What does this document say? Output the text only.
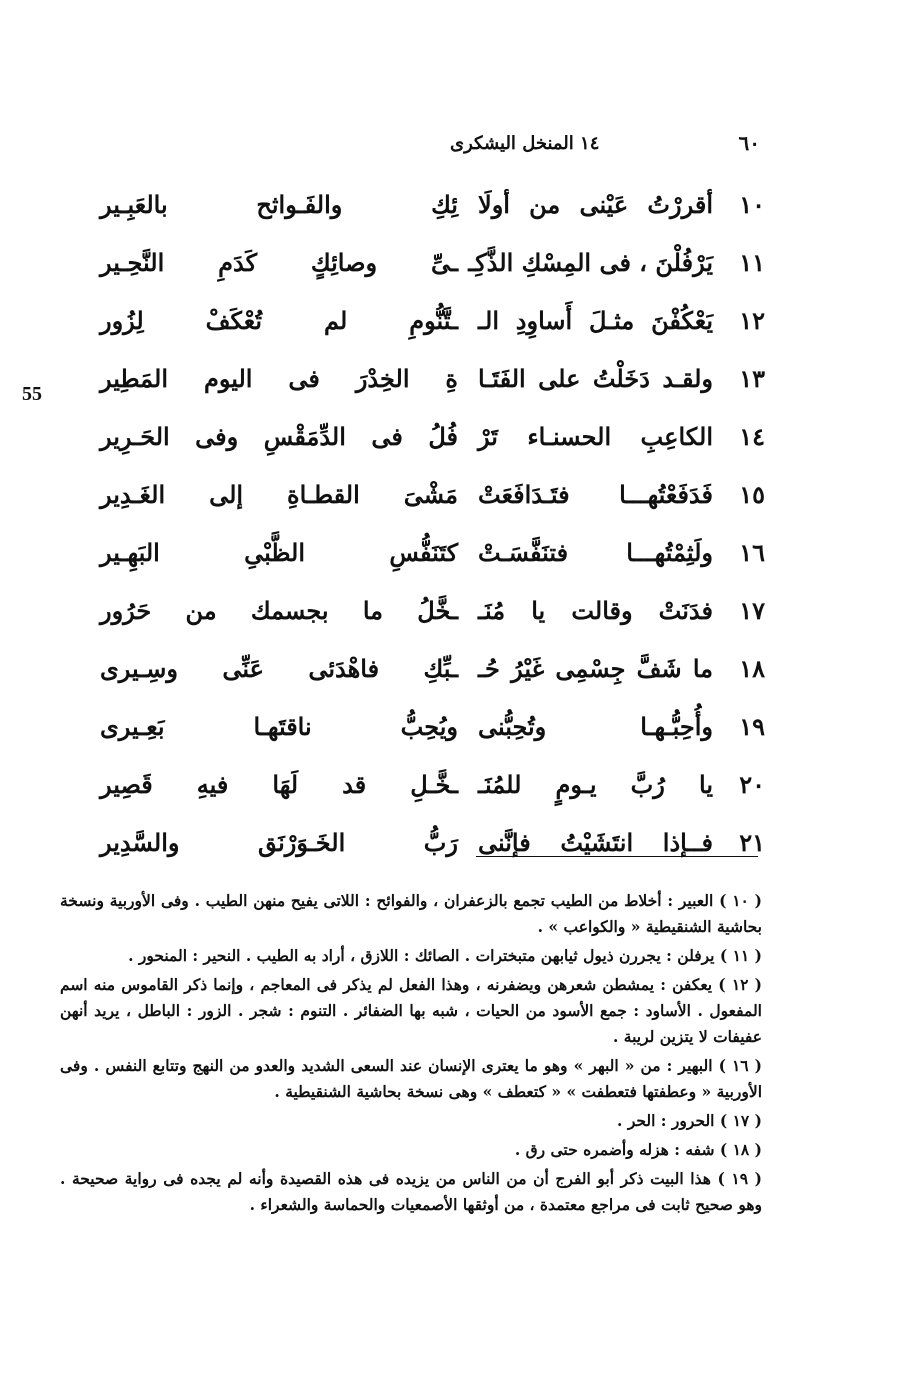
٦٠
١٤ المنخل اليشكرى
55
١٠
أقررْتُ عَيْنى من أولَا
ئِكِ والفَـواثح بالعَبِـير
١١
يَرْفُلْنَ ، فى المِسْكِ الذَّكِـ
ـىِّ وصائِكٍ كَدَمِ النَّحِـير
١٢
يَعْكُفْنَ مثـلَ أَساوِدِ الـ
ـتَّنُّومِ لم تُعْكَفْ لِزُور
١٣
ولقـد دَخَلْتُ على الفَتَـا
ةِ الخِدْرَ فى اليوم المَطِير
١٤
الكاعِبِ الحسنـاء تَرْ
فُلُ فى الدِّمَقْسِ وفى الحَـرِير
١٥
فَدَفَعْتُهـــا فتَـدَافَعَتْ
مَشْىَ القطـاةِ إلى الغَـدِير
١٦
ولَثِمْتُهـــا فتنَفَّسَـتْ
كتَنَفُّسِ الظَّبْىِ البَهِـير
١٧
فدَنَتْ وقالت يا مُنَـ
ـخَّلُ ما بجسمك من حَرُور
١٨
ما شَفَّ جِسْمِى غَيْرُ حُـ
ـبِّكِ فاهْدَئى عَنِّى وسِـيرى
١٩
وأُحِبُّـهـا وتُحِبُّنى
ويُحِبُّ ناقتَهـا بَعِـيرى
٢٠
يا رُبَّ يـومٍ للمُنَـ
ـخَّـلِ قد لَهَا فيهِ قَصِير
٢١
فــإذا انتَشَيْتُ فإنَّنى
رَبُّ الخَـوَرْنَق والسَّدِير

( ١٠ ) العبير : أخلاط من الطيب تجمع بالزعفران ، والفوائح : اللاتى يفيح منهن الطيب . وفى الأوربية ونسخة بحاشية الشنقيطية « والكواعب » .

( ١١ ) يرفلن : يجررن ذيول ثيابهن متبخترات . الصائك : اللازق ، أراد به الطيب . النحير : المنحور .

( ١٢ ) يعكفن : يمشطن شعرهن ويضفرنه ، وهذا الفعل لم يذكر فى المعاجم ، وإنما ذكر القاموس منه اسم المفعول . الأساود : جمع الأسود من الحيات ، شبه بها الضفائر . التنوم : شجر . الزور : الباطل ، يريد أنهن عفيفات لا يتزين لريبة .

( ١٦ ) البهير : من « البهر » وهو ما يعترى الإنسان عند السعى الشديد والعدو من النهج وتتابع النفس . وفى الأوربية « وعطفتها فتعطفت » « كتعطف » وهى نسخة بحاشية الشنقيطية .

( ١٧ ) الحرور : الحر .

( ١٨ ) شفه : هزله وأضمره حتى رق .

( ١٩ ) هذا البيت ذكر أبو الفرج أن من الناس من يزيده فى هذه القصيدة وأنه لم يجده فى رواية صحيحة . وهو صحيح ثابت فى مراجع معتمدة ، من أوثقها الأصمعيات والحماسة والشعراء .
